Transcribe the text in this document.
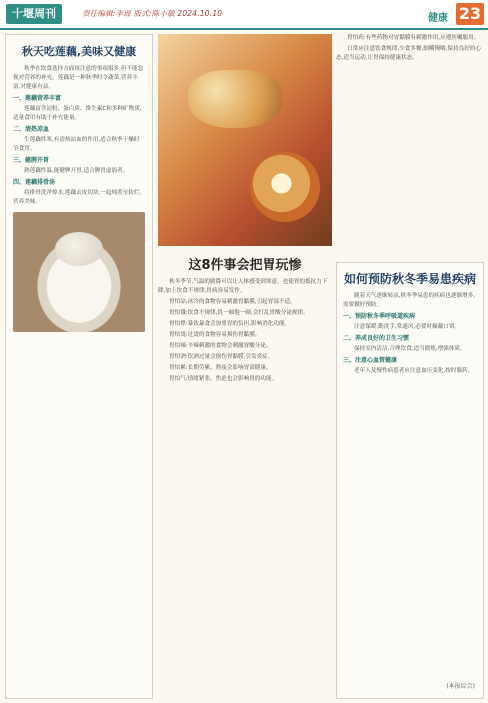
十堰周刊	责任编辑:李瑶 版式:陈小敏 2024.10.10	健康 23
秋天吃莲藕,美味又健康
秋季在饮食选择方面该注意的事项很多,但不能忽视对营养的补充。莲藕是一种秋季时令蔬菜,营养丰富,对健康有益。
一、莲藕营养丰富
莲藕富含淀粉、蛋白质、维生素C和多种矿物质,适量食用有助于补充能量。
二、清热凉血
生莲藕性寒,有清热凉血的作用,适合秋季干燥时节食用。
三、健脾开胃
熟莲藕性温,能健脾开胃,适合脾胃虚弱者。
四、莲藕排骨汤
将排骨洗净焯水,莲藕去皮切块,一起炖煮至软烂,营养美味。
这8件事会把胃玩惨
秋冬季节,气温的剧降可以让人体感受到寒意。也使胃的抵抗力下降,加上饮食不规律,胃病容易发作。
胃怕凉:冰冷的食物容易刺激胃黏膜,引起胃部不适。
胃怕饿:饮食不规律,饥一顿饱一顿,会打乱胃酸分泌规律。
胃怕撑:暴饮暴食会加重胃的负担,影响消化功能。
胃怕烫:过烫的食物容易损伤胃黏膜。
胃怕辣:辛辣刺激的食物会刺激胃酸分泌。
胃怕酒:饮酒过量会损伤胃黏膜,引发炎症。
胃怕累:长期劳累、熬夜会影响胃部健康。
胃怕气:情绪紧张、焦虑也会影响胃的功能。
胃怕药:有些药物对胃黏膜有刺激作用,应遵医嘱服用。
日常应注意饮食规律,少食多餐,细嚼慢咽,保持良好的心态,适当运动,让胃保持健康状态。
如何预防秋冬季易患疾病
随着天气逐渐转凉,秋冬季易患的疾病也逐渐增多,需要做好预防。
一、预防秋冬季呼吸道疾病
注意保暖,勤洗手,常通风,必要时佩戴口罩。
二、养成良好的卫生习惯
保持室内清洁,合理饮食,适当锻炼,增强体质。
三、注意心血管健康
老年人及慢性病患者应注意血压变化,按时服药。
(本报综合)
